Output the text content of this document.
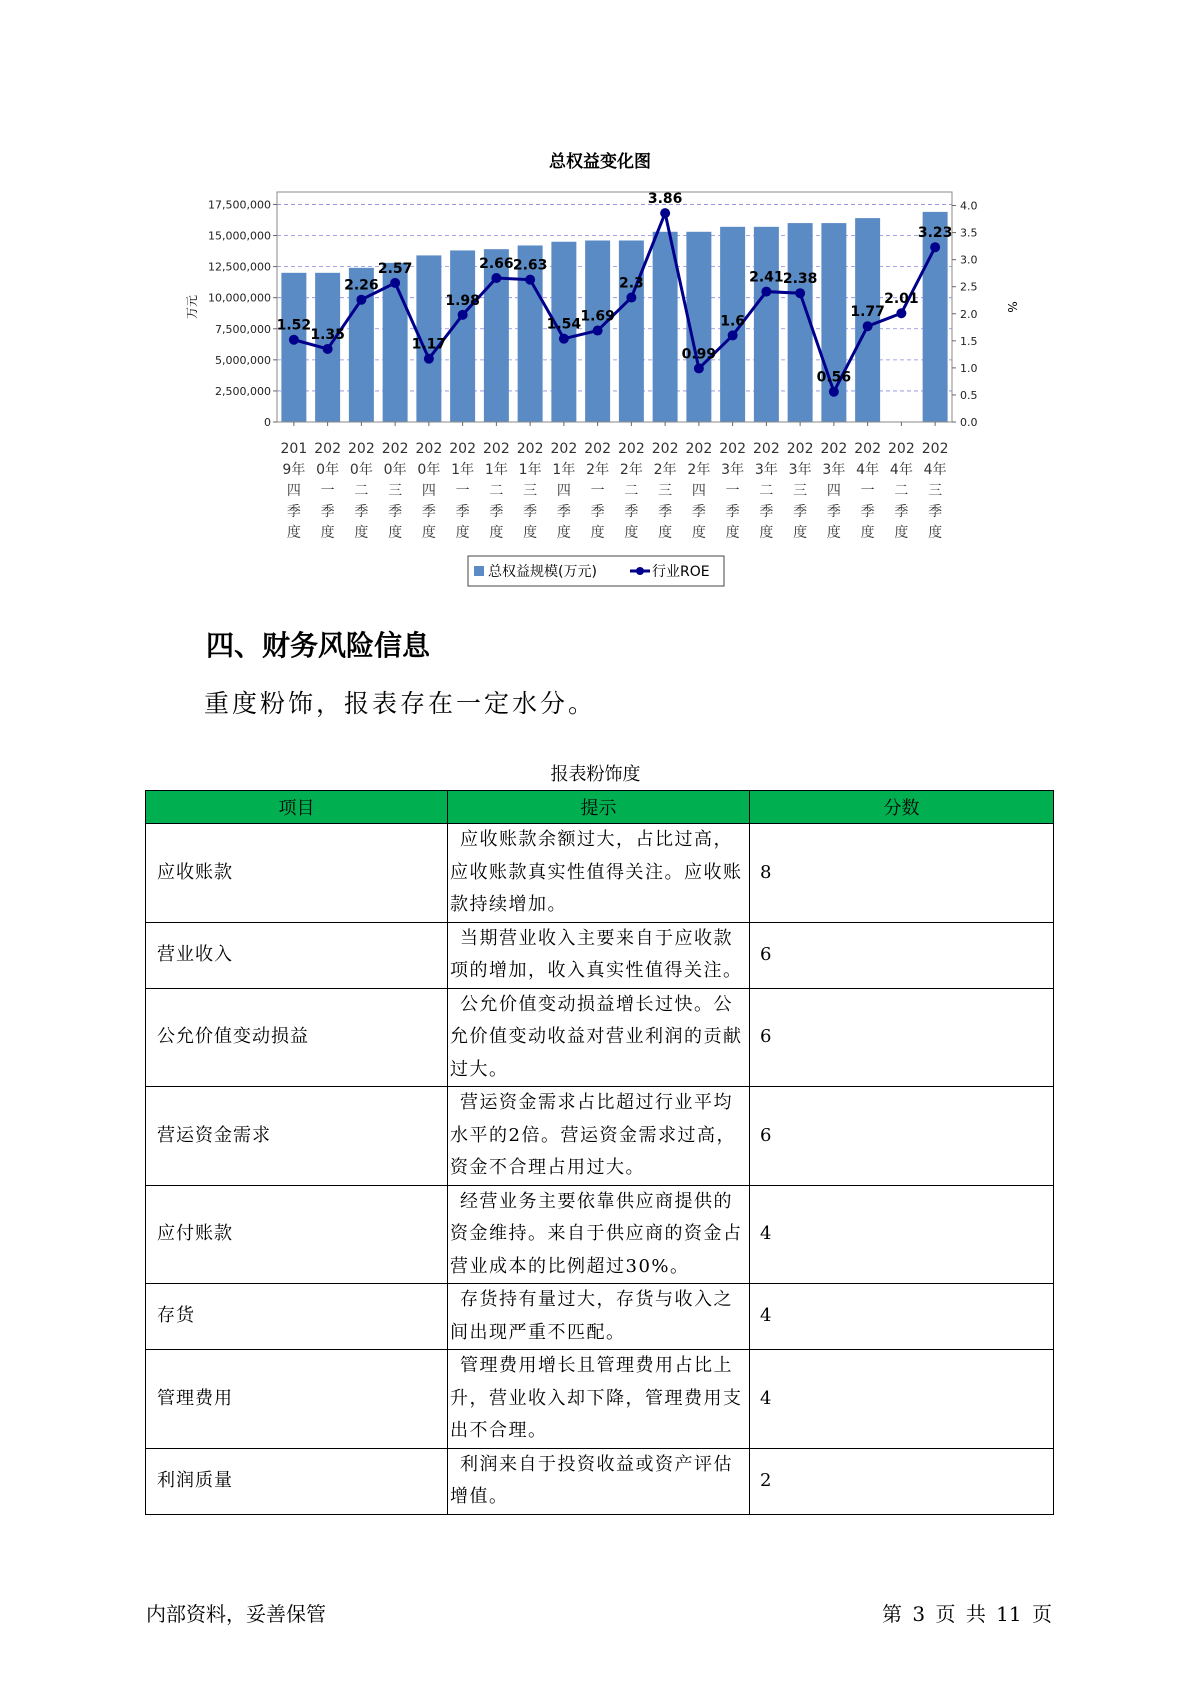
总权益变化图
1.52
1.35
2.26
2.57
1.17
1.98
2.66 2.63
1.54
1.69
2.3
3.86
0.99
1.6
2.41 2.38
0.56
1.77
2.01
3.23
0
2,500,000
5,000,000
7,500,000
10,000,000
12,500,000
15,000,000
17,500,000
0.0
0.5
1.0
1.5
2.0
2.5
3.0
3.5
4.0
万元	%
201
9年
四
季
度
202
0年
一
季
度
202
0年
二
季
度
202
0年
三
季
度
202
0年
四
季
度
202
1年
一
季
度
202
1年
二
季
度
202
1年
三
季
度
202
1年
四
季
度
202
2年
一
季
度
202
2年
二
季
度
202
2年
三
季
度
202
2年
四
季
度
202
3年
一
季
度
202
3年
二
季
度
202
3年
三
季
度
202
3年
四
季
度
202
4年
一
季
度
202
4年
二
季
度
202
4年
三
季
度
总权益规模(万元)	行业ROE
四、财务风险信息

重度粉饰，报表存在一定水分。

报表粉饰度
项目	提示	分数
应收账款	应收账款余额过大，占比过高，应收账款真实性值得关注。应收账款持续增加。	8
营业收入	当期营业收入主要来自于应收款项的增加，收入真实性值得关注。	6
公允价值变动损益	公允价值变动损益增长过快。公允价值变动收益对营业利润的贡献过大。	6
营运资金需求	营运资金需求占比超过行业平均水平的2倍。营运资金需求过高，资金不合理占用过大。	6
应付账款	经营业务主要依靠供应商提供的资金维持。来自于供应商的资金占营业成本的比例超过30%。	4
存货	存货持有量过大，存货与收入之间出现严重不匹配。	4
管理费用	管理费用增长且管理费用占比上升，营业收入却下降，管理费用支出不合理。	4
利润质量	利润来自于投资收益或资产评估增值。	2
内部资料，妥善保管	第 3 页 共 11 页
